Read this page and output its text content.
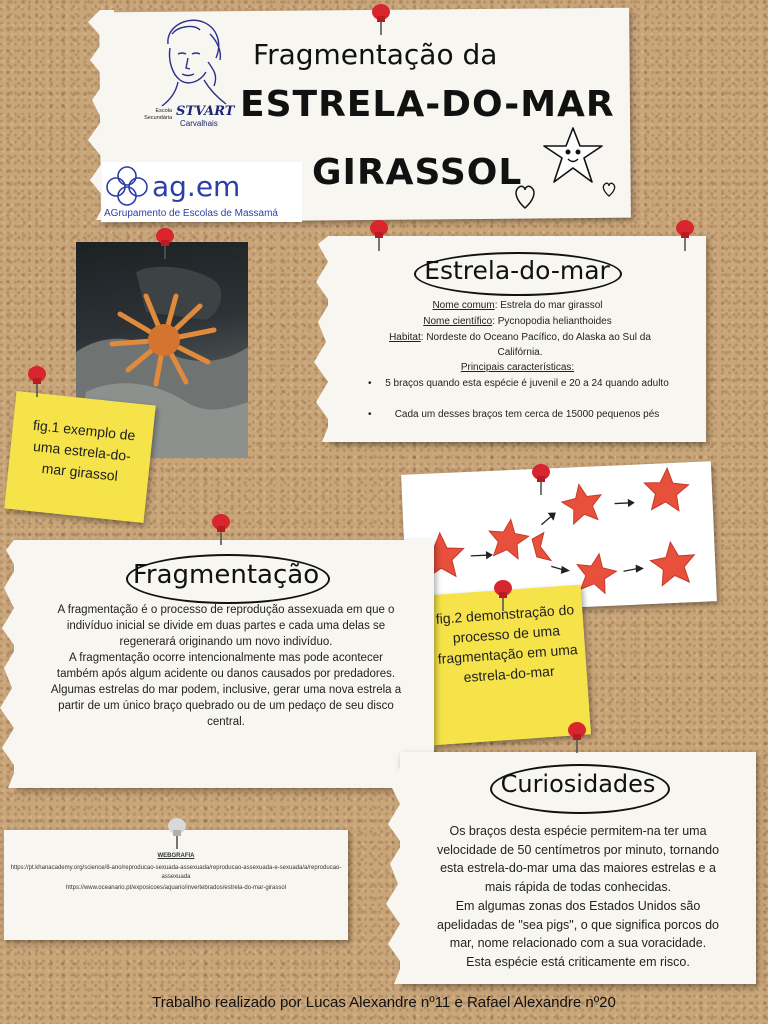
Escola Secundária STVART
Carvalhais
ag.em
AGrupamento de Escolas de Massamá
Fragmentação da
ESTRELA-DO-MAR
GIRASSOL
fig.1 exemplo de uma estrela-do-mar girassol
Estrela-do-mar
Nome comum: Estrela do mar girassol
Nome científico: Pycnopodia helianthoides
Habitat: Nordeste do Oceano Pacífico, do Alaska ao Sul da Califórnia.
Principais características:
•	5 braços quando esta espécie é juvenil e 20 a 24 quando adulto
•	Cada um desses braços tem cerca de 15000 pequenos pés
fig.2 demonstração do processo de uma fragmentação em uma estrela-do-mar
Fragmentação
A fragmentação é o processo de reprodução assexuada em que o indivíduo inicial se divide em duas partes e cada uma delas se regenerará originando um novo indivíduo.
A fragmentação ocorre intencionalmente mas pode acontecer também após algum acidente ou danos causados por predadores. Algumas estrelas do mar podem, inclusive, gerar uma nova estrela a partir de um único braço quebrado ou de um pedaço de seu disco central.
Curiosidades
Os braços desta espécie permitem-na ter uma velocidade de 50 centímetros por minuto, tornando esta estrela-do-mar uma das maiores estrelas e a mais rápida de todas conhecidas.
Em algumas zonas dos Estados Unidos são apelidadas de "sea pigs", o que significa porcos do mar, nome relacionado com a sua voracidade.
Esta espécie está criticamente em risco.
WEBGRAFIA
https://pt.khanacademy.org/science/8-ano/reproducao-sexuada-assexuada/reproducao-assexuada-e-sexuada/a/reproducao-assexuada
https://www.oceanario.pt/exposicoes/aquario/invertebrados/estrela-do-mar-girassol
Trabalho realizado por Lucas Alexandre nº11 e Rafael Alexandre nº20
